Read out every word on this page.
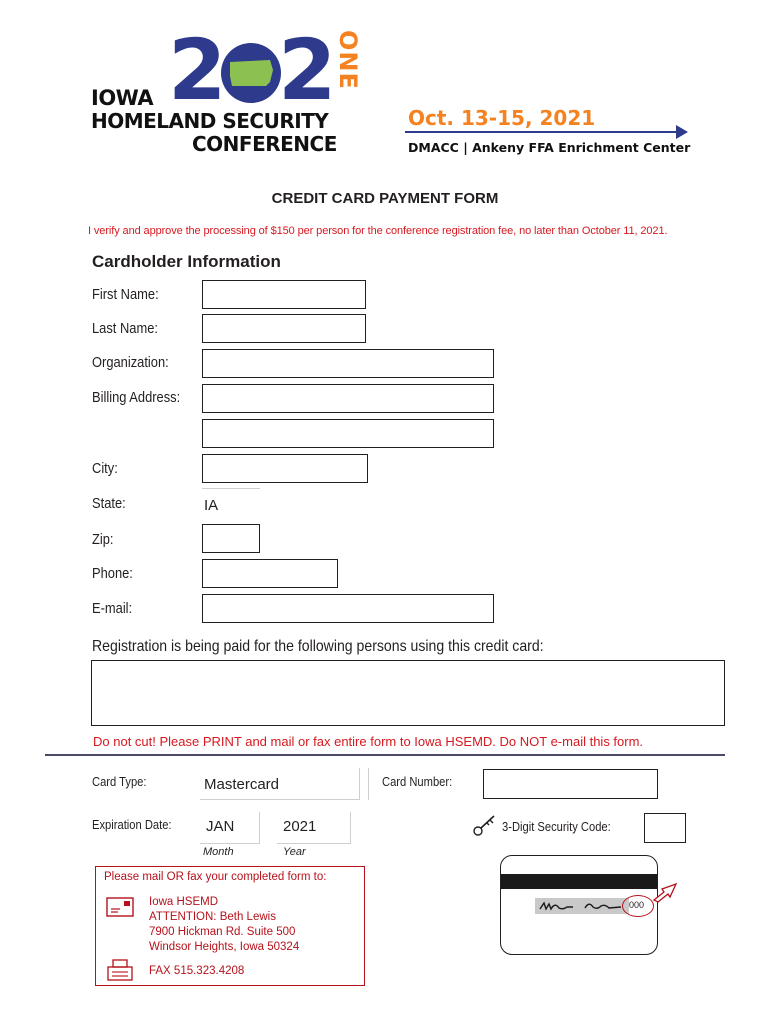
IOWA
HOMELAND SECURITY
CONFERENCE
2 2 ONE
Oct. 13-15, 2021
DMACC | Ankeny FFA Enrichment Center
CREDIT CARD PAYMENT FORM
I verify and approve the processing of $150 per person for the conference registration fee, no later than October 11, 2021.
Cardholder Information
First Name:
Last Name:
Organization:
Billing Address:
City:
State:	IA
Zip:
Phone:
E-mail:
Registration is being paid for the following persons using this credit card:
Do not cut! Please PRINT and mail or fax entire form to Iowa HSEMD. Do NOT e-mail this form.
Card Type:	Mastercard	Card Number:
Expiration Date: JAN	2021
Month	Year
3-Digit Security Code:
Please mail OR fax your completed form to:
Iowa HSEMD
ATTENTION: Beth Lewis
7900 Hickman Rd. Suite 500
Windsor Heights, Iowa 50324
FAX 515.323.4208
000
